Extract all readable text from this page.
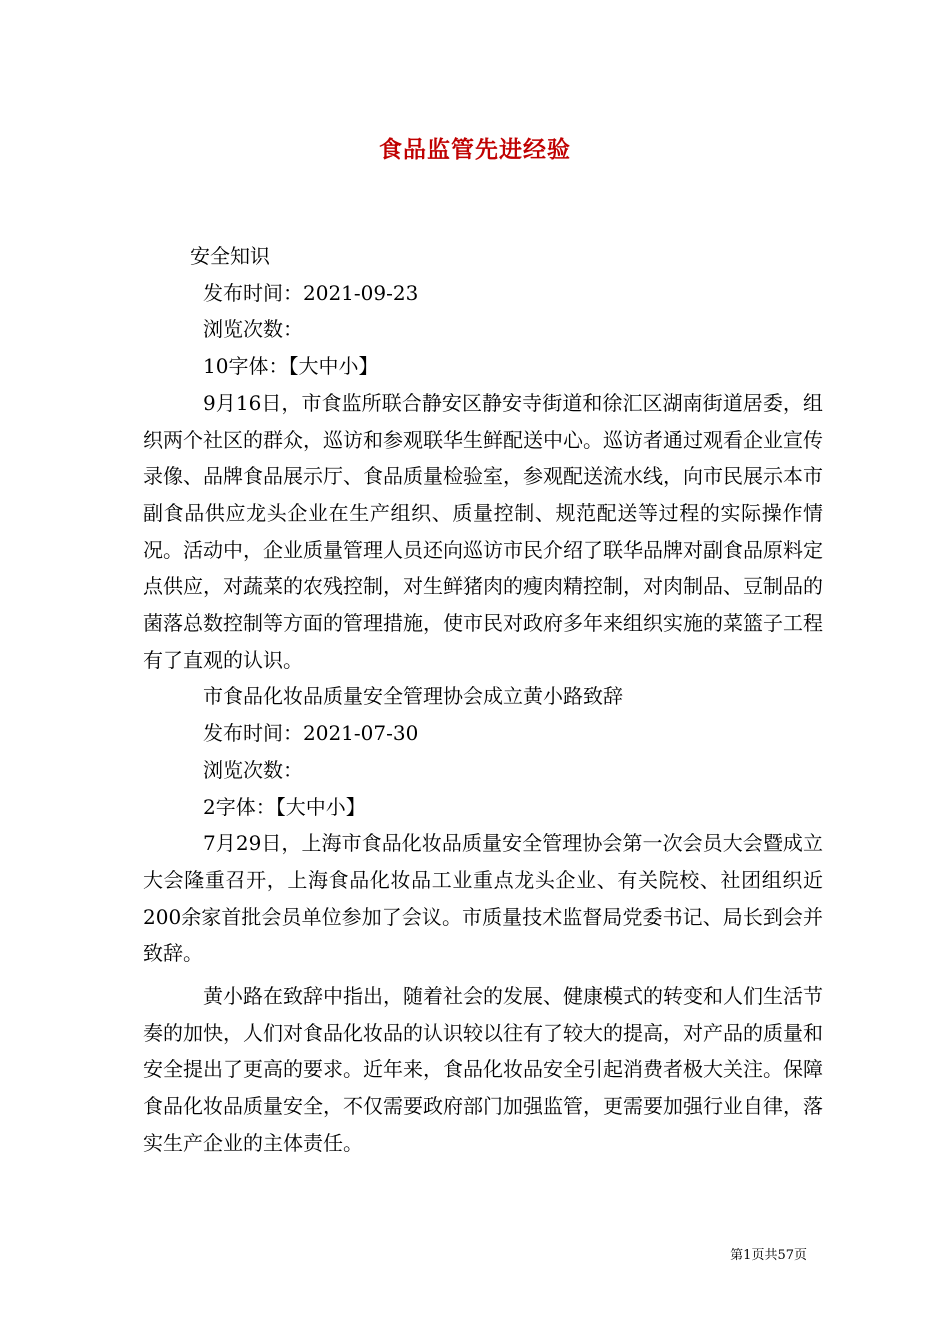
食品监管先进经验

安全知识

发布时间：2021-09-23

浏览次数：

10字体：【大中小】

9月16日，市食监所联合静安区静安寺街道和徐汇区湖南街道居委，组织两个社区的群众，巡访和参观联华生鲜配送中心。巡访者通过观看企业宣传录像、品牌食品展示厅、食品质量检验室，参观配送流水线，向市民展示本市副食品供应龙头企业在生产组织、质量控制、规范配送等过程的实际操作情况。活动中，企业质量管理人员还向巡访市民介绍了联华品牌对副食品原料定点供应，对蔬菜的农残控制，对生鲜猪肉的瘦肉精控制，对肉制品、豆制品的菌落总数控制等方面的管理措施，使市民对政府多年来组织实施的菜篮子工程有了直观的认识。

市食品化妆品质量安全管理协会成立黄小路致辞

发布时间：2021-07-30

浏览次数：

2字体：【大中小】

7月29日，上海市食品化妆品质量安全管理协会第一次会员大会暨成立大会隆重召开，上海食品化妆品工业重点龙头企业、有关院校、社团组织近200余家首批会员单位参加了会议。市质量技术监督局党委书记、局长到会并致辞。

黄小路在致辞中指出，随着社会的发展、健康模式的转变和人们生活节奏的加快，人们对食品化妆品的认识较以往有了较大的提高，对产品的质量和安全提出了更高的要求。近年来，食品化妆品安全引起消费者极大关注。保障食品化妆品质量安全，不仅需要政府部门加强监管，更需要加强行业自律，落实生产企业的主体责任。

第1页共57页
